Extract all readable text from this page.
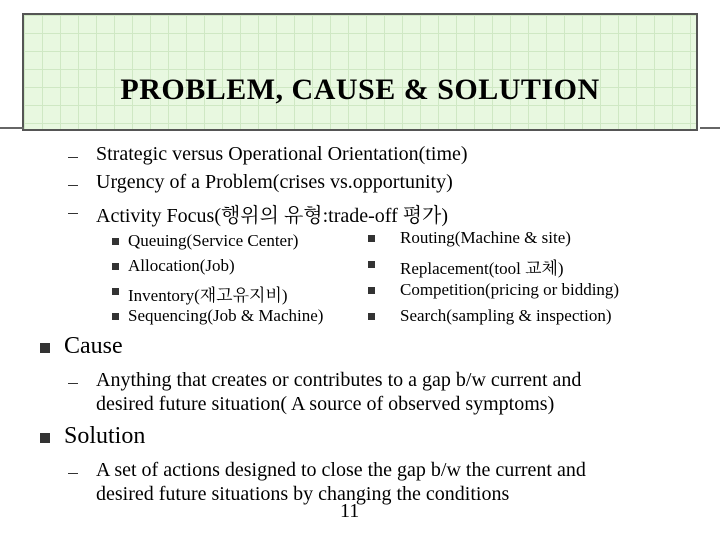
PROBLEM, CAUSE & SOLUTION
Strategic versus Operational Orientation(time)
Urgency of a Problem(crises vs.opportunity)
Activity Focus(행위의 유형:trade-off 평가)
Queuing(Service Center)
Allocation(Job)
Inventory(재고유지비)
Sequencing(Job & Machine)
Routing(Machine & site)
Replacement(tool 교체)
Competition(pricing or bidding)
Search(sampling & inspection)
Cause
Anything that creates or contributes to a gap b/w current and
desired future situation( A source of observed symptoms)
Solution
A set of actions designed to close the gap b/w the current and
desired future situations by changing the conditions
11
